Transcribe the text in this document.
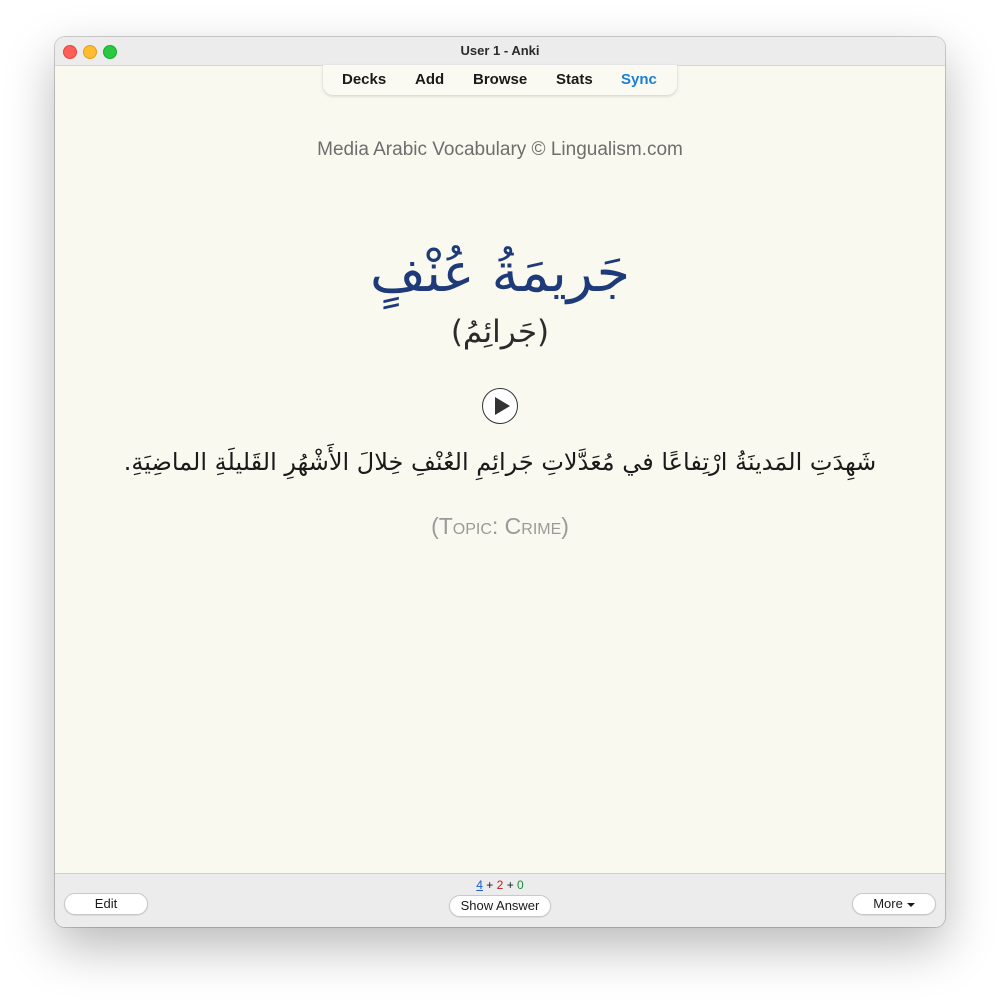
User 1 - Anki
Media Arabic Vocabulary © Lingualism.com
جَريمَةُ عُنْفٍ
(جَرائِمُ)
شَهِدَتِ المَدينَةُ ارْتِفاعًا في مُعَدَّلاتِ جَرائِمِ العُنْفِ خِلالَ الأَشْهُرِ القَليلَةِ الماضِيَةِ.
(Topic: Crime)
Decks Add Browse Stats Sync
4 + 2 + 0
Edit	Show Answer	More
